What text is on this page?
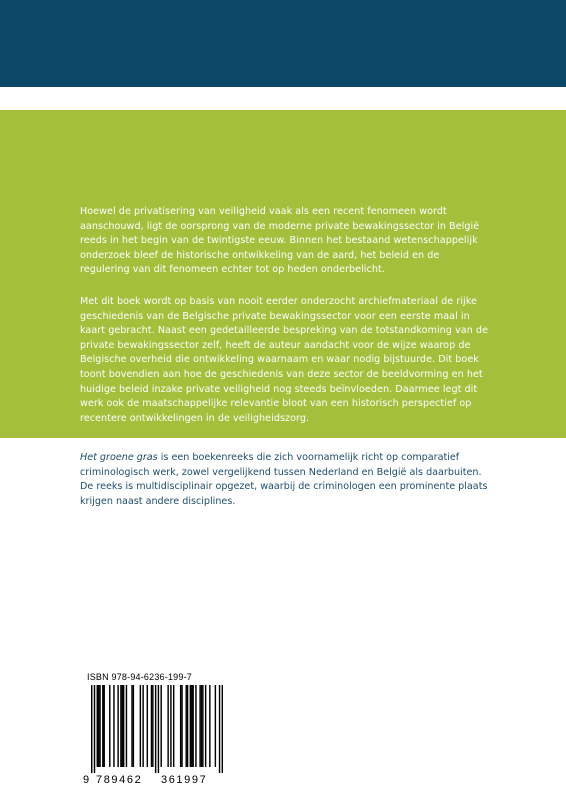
Hoewel de privatisering van veiligheid vaak als een recent fenomeen wordt aanschouwd, ligt de oorsprong van de moderne private bewakingssector in België reeds in het begin van de twintigste eeuw. Binnen het bestaand wetenschappelijk onderzoek bleef de historische ontwikkeling van de aard, het beleid en de regulering van dit fenomeen echter tot op heden onderbelicht.

Met dit boek wordt op basis van nooit eerder onderzocht archiefmateriaal de rijke geschiedenis van de Belgische private bewakingssector voor een eerste maal in kaart gebracht. Naast een gedetailleerde bespreking van de totstandkoming van de private bewakingssector zelf, heeft de auteur aandacht voor de wijze waarop de Belgische overheid die ontwikkeling waarnaam en waar nodig bijstuurde. Dit boek toont bovendien aan hoe de geschiedenis van deze sector de beeldvorming en het huidige beleid inzake private veiligheid nog steeds beïnvloeden. Daarmee legt dit werk ook de maatschappelijke relevantie bloot van een historisch perspectief op recentere ontwikkelingen in de veiligheidszorg.

Het groene gras is een boekenreeks die zich voornamelijk richt op comparatief criminologisch werk, zowel vergelijkend tussen Nederland en België als daarbuiten. De reeks is multidisciplinair opgezet, waarbij de criminologen een prominente plaats krijgen naast andere disciplines.

ISBN 978-94-6236-199-7
9 789462 361997
